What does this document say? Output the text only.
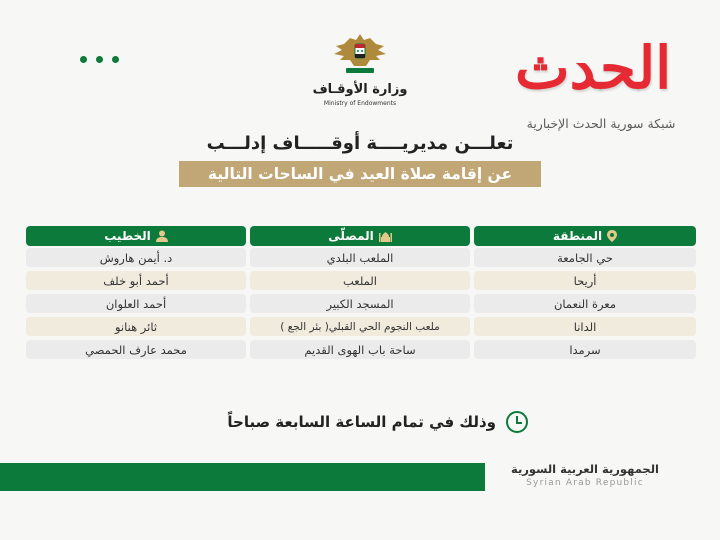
وزارة الأوقـاف
Ministry of Endowments
الحدث
شبكة سورية الحدث الإخبارية
تعلـــن مديريــــة أوقـــــاف إدلـــب
عن إقامة صلاة العيد في الساحات التالية
المنطقة
المصلّى
الخطيب
حي الجامعة
الملعب البلدي
د. أيمن هاروش
أريحا
الملعب
أحمد أبو خلف
معرة النعمان
المسجد الكبير
أحمد العلوان
الدانا
ملعب النجوم الحي القبلي( بئر الجع )
ثائر هنانو
سرمدا
ساحة باب الهوى القديم
محمد عارف الحمصي
وذلك في تمام الساعة السابعة صباحاً
الجمهورية العربية السورية
Syrian Arab Republic
